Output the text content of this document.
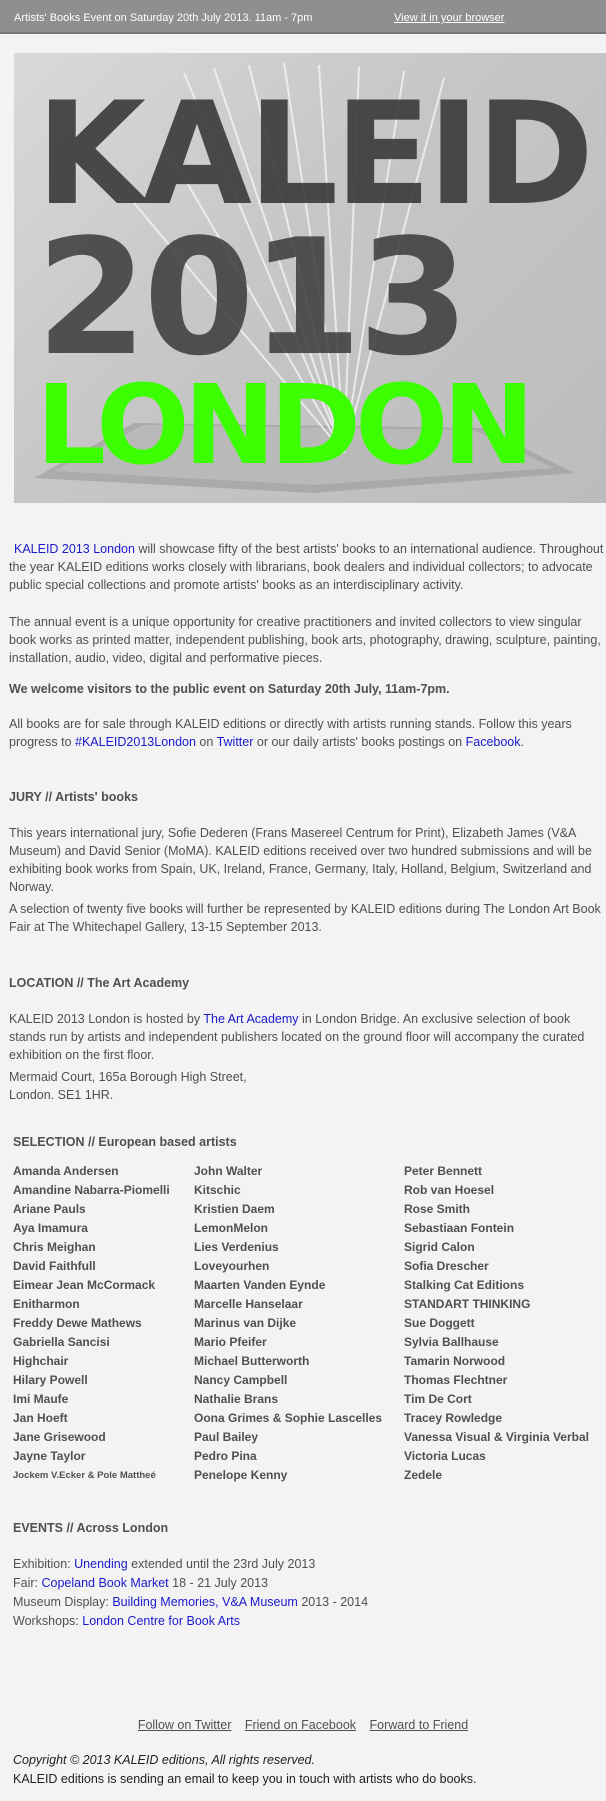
Artists' Books Event on Saturday 20th July 2013. 11am - 7pm	View it in your browser
KALEID
2013
LONDON
KALEID 2013 London will showcase fifty of the best artists' books to an international audience. Throughout the year KALEID editions works closely with librarians, book dealers and individual collectors; to advocate public special collections and promote artists' books as an interdisciplinary activity.
The annual event is a unique opportunity for creative practitioners and invited collectors to view singular book works as printed matter, independent publishing, book arts, photography, drawing, sculpture, painting, installation, audio, video, digital and performative pieces.
We welcome visitors to the public event on Saturday 20th July, 11am-7pm.
All books are for sale through KALEID editions or directly with artists running stands. Follow this years progress to #KALEID2013London on Twitter or our daily artists' books postings on Facebook.
JURY // Artists' books
This years international jury, Sofie Dederen (Frans Masereel Centrum for Print), Elizabeth James (V&A Museum) and David Senior (MoMA). KALEID editions received over two hundred submissions and will be exhibiting book works from Spain, UK, Ireland, France, Germany, Italy, Holland, Belgium, Switzerland and Norway.
A selection of twenty five books will further be represented by KALEID editions during The London Art Book Fair at The Whitechapel Gallery, 13-15 September 2013.
LOCATION // The Art Academy
KALEID 2013 London is hosted by The Art Academy in London Bridge. An exclusive selection of book stands run by artists and independent publishers located on the ground floor will accompany the curated exhibition on the first floor.
Mermaid Court, 165a Borough High Street,
London. SE1 1HR.
SELECTION // European based artists
Amanda Andersen
Amandine Nabarra-Piomelli
Ariane Pauls
Aya Imamura
Chris Meighan
David Faithfull
Eimear Jean McCormack
Enitharmon
Freddy Dewe Mathews
Gabriella Sancisi
Highchair
Hilary Powell
Imi Maufe
Jan Hoeft
Jane Grisewood
Jayne Taylor
Jockem V.Ecker & Pole Mattheé
John Walter
Kitschic
Kristien Daem
LemonMelon
Lies Verdenius
Loveyourhen
Maarten Vanden Eynde
Marcelle Hanselaar
Marinus van Dijke
Mario Pfeifer
Michael Butterworth
Nancy Campbell
Nathalie Brans
Oona Grimes & Sophie Lascelles
Paul Bailey
Pedro Pina
Penelope Kenny
Peter Bennett
Rob van Hoesel
Rose Smith
Sebastiaan Fontein
Sigrid Calon
Sofia Drescher
Stalking Cat Editions
STANDART THINKING
Sue Doggett
Sylvia Ballhause
Tamarin Norwood
Thomas Flechtner
Tim De Cort
Tracey Rowledge
Vanessa Visual & Virginia Verbal
Victoria Lucas
Zedele
EVENTS // Across London
Exhibition: Unending extended until the 23rd July 2013
Fair: Copeland Book Market 18 - 21 July 2013
Museum Display: Building Memories, V&A Museum 2013 - 2014
Workshops: London Centre for Book Arts
Follow on Twitter Friend on Facebook Forward to Friend
Copyright © 2013 KALEID editions, All rights reserved.
KALEID editions is sending an email to keep you in touch with artists who do books.
